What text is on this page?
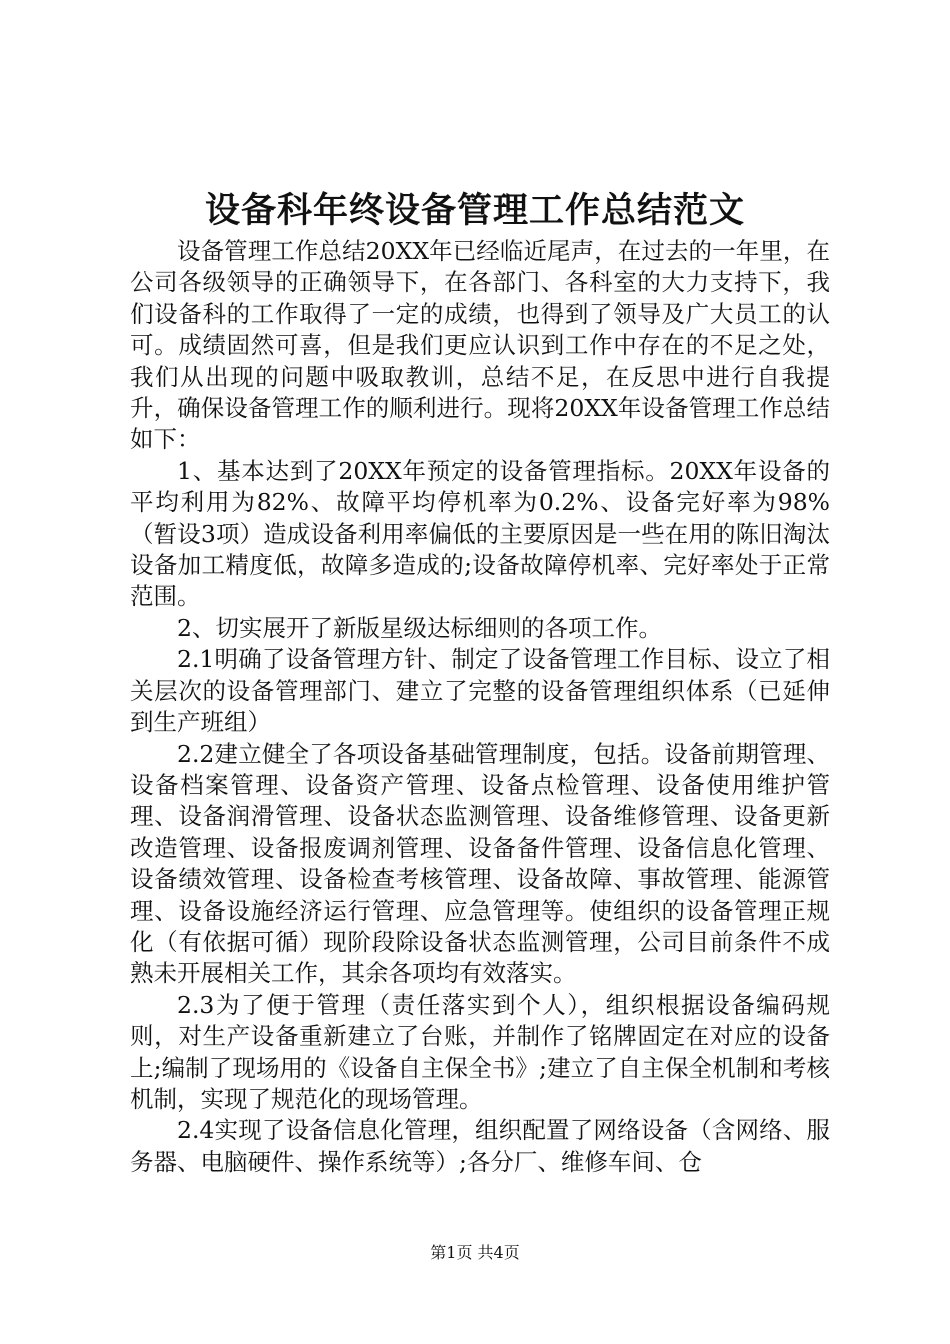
设备科年终设备管理工作总结范文

设备管理工作总结20XX年已经临近尾声，在过去的一年里，在公司各级领导的正确领导下，在各部门、各科室的大力支持下，我们设备科的工作取得了一定的成绩，也得到了领导及广大员工的认可。成绩固然可喜，但是我们更应认识到工作中存在的不足之处，我们从出现的问题中吸取教训，总结不足，在反思中进行自我提升，确保设备管理工作的顺利进行。现将20XX年设备管理工作总结如下：

1、基本达到了20XX年预定的设备管理指标。20XX年设备的平均利用为82%、故障平均停机率为0.2%、设备完好率为98%（暂设3项）造成设备利用率偏低的主要原因是一些在用的陈旧淘汰设备加工精度低，故障多造成的;设备故障停机率、完好率处于正常范围。

2、切实展开了新版星级达标细则的各项工作。

2.1明确了设备管理方针、制定了设备管理工作目标、设立了相关层次的设备管理部门、建立了完整的设备管理组织体系（已延伸到生产班组）

2.2建立健全了各项设备基础管理制度，包括。设备前期管理、设备档案管理、设备资产管理、设备点检管理、设备使用维护管理、设备润滑管理、设备状态监测管理、设备维修管理、设备更新改造管理、设备报废调剂管理、设备备件管理、设备信息化管理、设备绩效管理、设备检查考核管理、设备故障、事故管理、能源管理、设备设施经济运行管理、应急管理等。使组织的设备管理正规化（有依据可循）现阶段除设备状态监测管理，公司目前条件不成熟未开展相关工作，其余各项均有效落实。

2.3为了便于管理（责任落实到个人），组织根据设备编码规则，对生产设备重新建立了台账，并制作了铭牌固定在对应的设备上;编制了现场用的《设备自主保全书》;建立了自主保全机制和考核机制，实现了规范化的现场管理。

2.4实现了设备信息化管理，组织配置了网络设备（含网络、服务器、电脑硬件、操作系统等）;各分厂、维修车间、仓

第1页 共4页
